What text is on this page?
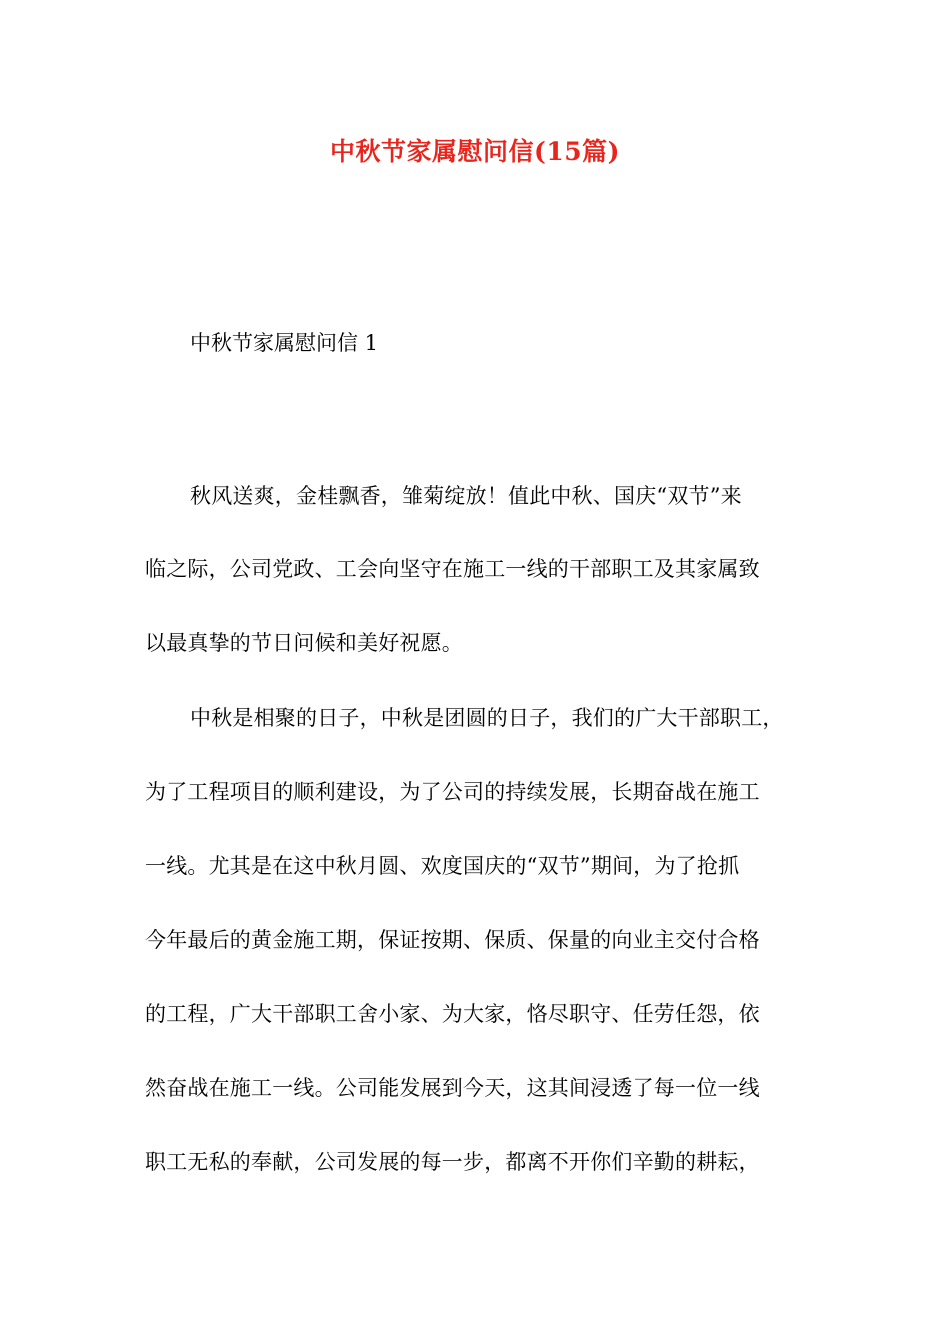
中秋节家属慰问信(15篇)
中秋节家属慰问信 1
秋风送爽，金桂飘香，雏菊绽放！值此中秋、国庆“双节”来
临之际，公司党政、工会向坚守在施工一线的干部职工及其家属致
以最真挚的节日问候和美好祝愿。
中秋是相聚的日子，中秋是团圆的日子，我们的广大干部职工，
为了工程项目的顺利建设，为了公司的持续发展，长期奋战在施工
一线。尤其是在这中秋月圆、欢度国庆的“双节”期间，为了抢抓
今年最后的黄金施工期，保证按期、保质、保量的向业主交付合格
的工程，广大干部职工舍小家、为大家，恪尽职守、任劳任怨，依
然奋战在施工一线。公司能发展到今天，这其间浸透了每一位一线
职工无私的奉献，公司发展的每一步，都离不开你们辛勤的耕耘，
